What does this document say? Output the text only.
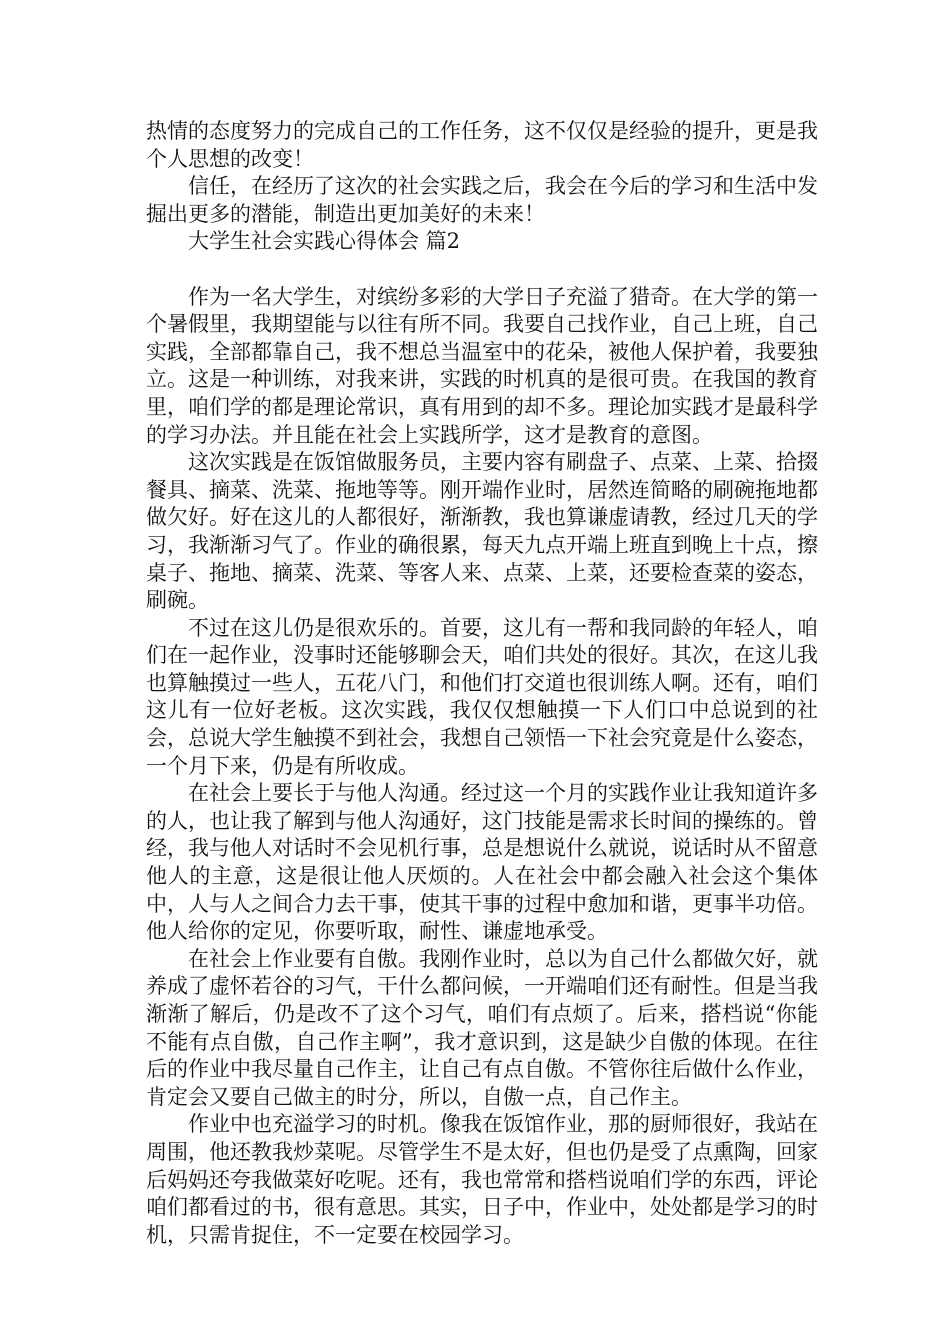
热情的态度努力的完成自己的工作任务，这不仅仅是经验的提升，更是我个人思想的改变！

信任，在经历了这次的社会实践之后，我会在今后的学习和生活中发掘出更多的潜能，制造出更加美好的未来！

大学生社会实践心得体会 篇2

作为一名大学生，对缤纷多彩的大学日子充溢了猎奇。在大学的第一个暑假里，我期望能与以往有所不同。我要自己找作业，自己上班，自己实践，全部都靠自己，我不想总当温室中的花朵，被他人保护着，我要独立。这是一种训练，对我来讲，实践的时机真的是很可贵。在我国的教育里，咱们学的都是理论常识，真有用到的却不多。理论加实践才是最科学的学习办法。并且能在社会上实践所学，这才是教育的意图。

这次实践是在饭馆做服务员，主要内容有刷盘子、点菜、上菜、拾掇餐具、摘菜、洗菜、拖地等等。刚开端作业时，居然连简略的刷碗拖地都做欠好。好在这儿的人都很好，渐渐教，我也算谦虚请教，经过几天的学习，我渐渐习气了。作业的确很累，每天九点开端上班直到晚上十点，擦桌子、拖地、摘菜、洗菜、等客人来、点菜、上菜，还要检查菜的姿态，刷碗。

不过在这儿仍是很欢乐的。首要，这儿有一帮和我同龄的年轻人，咱们在一起作业，没事时还能够聊会天，咱们共处的很好。其次，在这儿我也算触摸过一些人，五花八门，和他们打交道也很训练人啊。还有，咱们这儿有一位好老板。这次实践，我仅仅想触摸一下人们口中总说到的社会，总说大学生触摸不到社会，我想自己领悟一下社会究竟是什么姿态，一个月下来，仍是有所收成。

在社会上要长于与他人沟通。经过这一个月的实践作业让我知道许多的人，也让我了解到与他人沟通好，这门技能是需求长时间的操练的。曾经，我与他人对话时不会见机行事，总是想说什么就说，说话时从不留意他人的主意，这是很让他人厌烦的。人在社会中都会融入社会这个集体中，人与人之间合力去干事，使其干事的过程中愈加和谐，更事半功倍。他人给你的定见，你要听取，耐性、谦虚地承受。

在社会上作业要有自傲。我刚作业时，总以为自己什么都做欠好，就养成了虚怀若谷的习气，干什么都问候，一开端咱们还有耐性。但是当我渐渐了解后，仍是改不了这个习气，咱们有点烦了。后来，搭档说“你能不能有点自傲，自己作主啊”，我才意识到，这是缺少自傲的体现。在往后的作业中我尽量自己作主，让自己有点自傲。不管你往后做什么作业，肯定会又要自己做主的时分，所以，自傲一点，自己作主。

作业中也充溢学习的时机。像我在饭馆作业，那的厨师很好，我站在周围，他还教我炒菜呢。尽管学生不是太好，但也仍是受了点熏陶，回家后妈妈还夸我做菜好吃呢。还有，我也常常和搭档说咱们学的东西，评论咱们都看过的书，很有意思。其实，日子中，作业中，处处都是学习的时机，只需肯捉住，不一定要在校园学习。
